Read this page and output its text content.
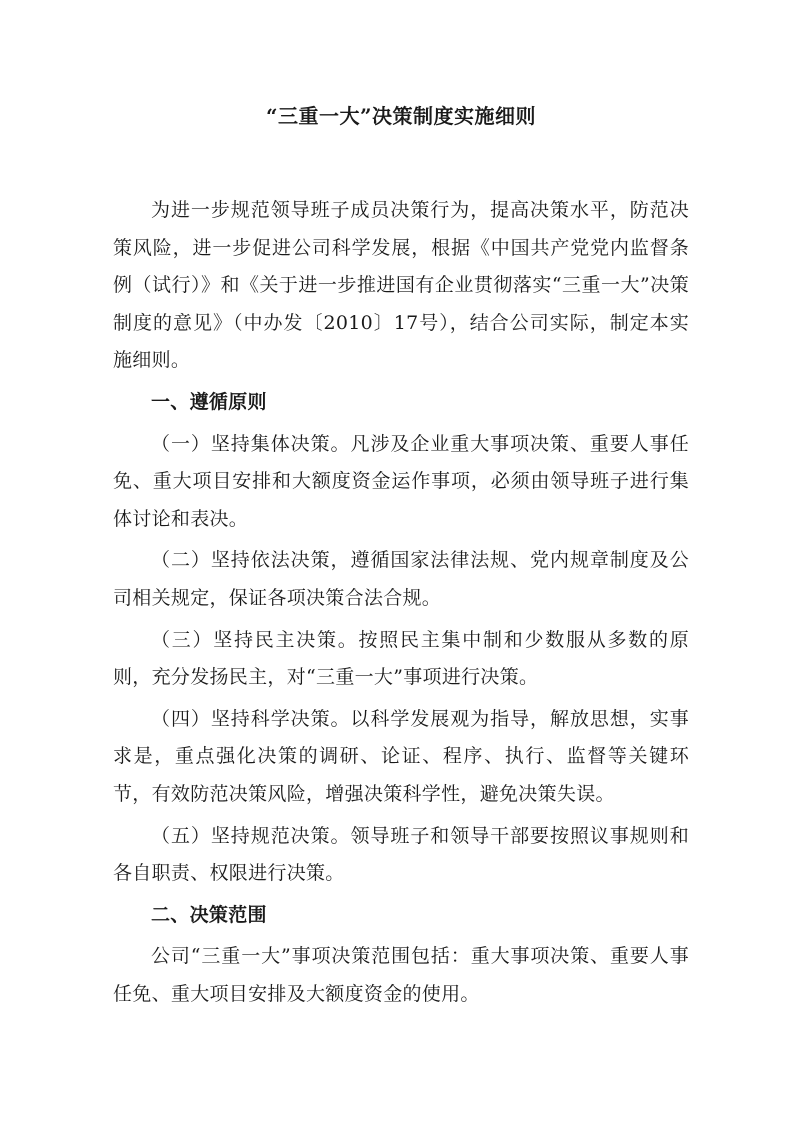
“三重一大”决策制度实施细则

为进一步规范领导班子成员决策行为，提高决策水平，防范决策风险，进一步促进公司科学发展，根据《中国共产党党内监督条例（试行）》和《关于进一步推进国有企业贯彻落实“三重一大”决策制度的意见》（中办发〔2010〕17号），结合公司实际，制定本实施细则。

一、遵循原则

（一）坚持集体决策。凡涉及企业重大事项决策、重要人事任免、重大项目安排和大额度资金运作事项，必须由领导班子进行集体讨论和表决。

（二）坚持依法决策，遵循国家法律法规、党内规章制度及公司相关规定，保证各项决策合法合规。

（三）坚持民主决策。按照民主集中制和少数服从多数的原则，充分发扬民主，对“三重一大”事项进行决策。

（四）坚持科学决策。以科学发展观为指导，解放思想，实事求是，重点强化决策的调研、论证、程序、执行、监督等关键环节，有效防范决策风险，增强决策科学性，避免决策失误。

（五）坚持规范决策。领导班子和领导干部要按照议事规则和各自职责、权限进行决策。

二、决策范围

公司“三重一大”事项决策范围包括：重大事项决策、重要人事任免、重大项目安排及大额度资金的使用。
